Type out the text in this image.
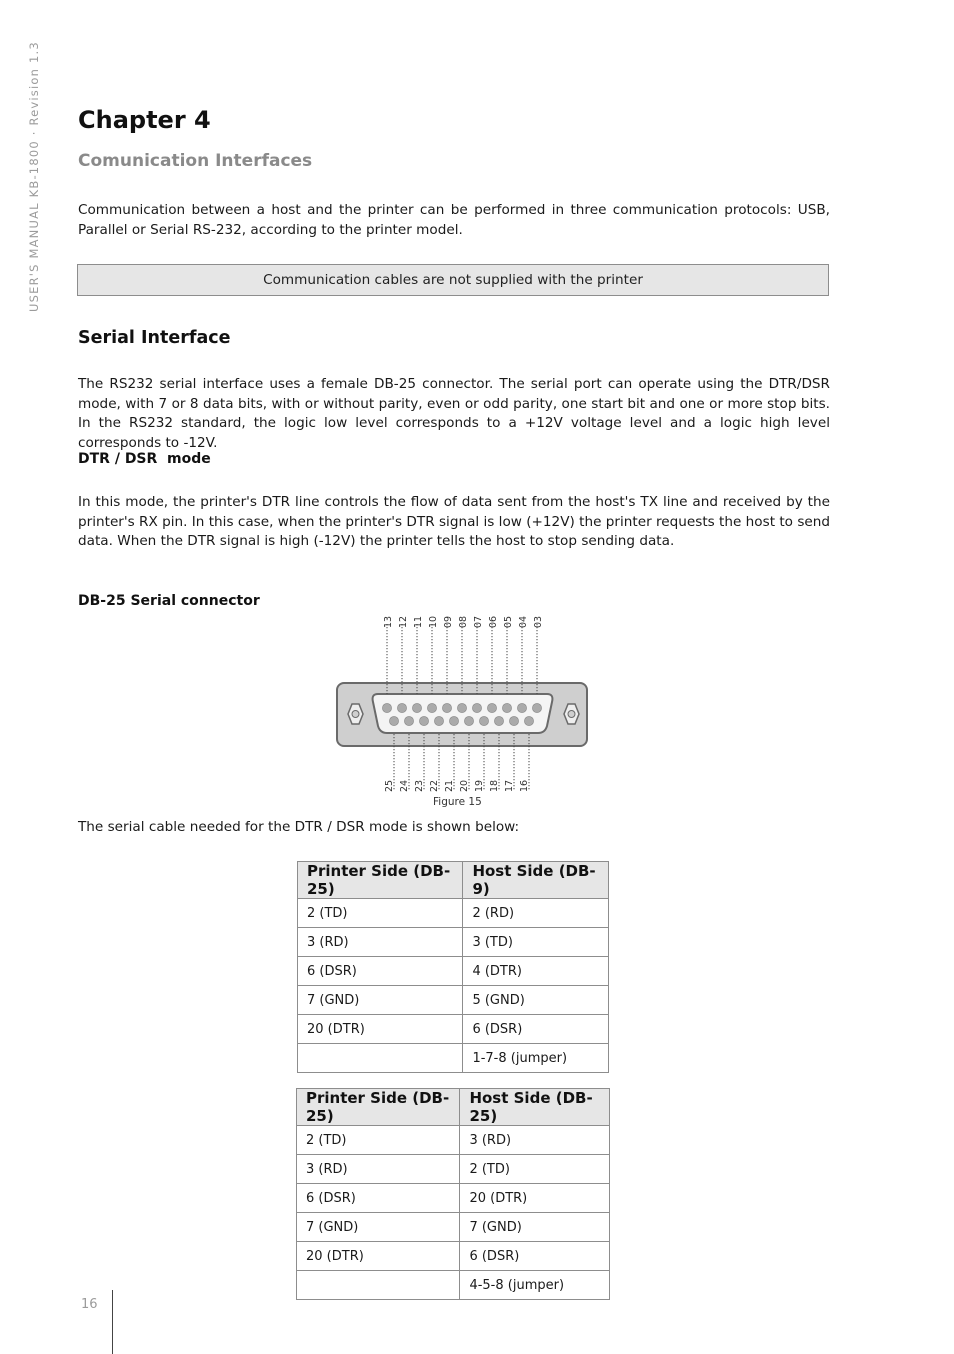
USER'S MANUAL KB-1800 · Revision 1.3 Chapter 4
Comunication Interfaces
Communication between a host and the printer can be performed in three communication protocols: USB, Parallel or Serial RS-232, according to the printer model.
Communication cables are not supplied with the printer
Serial Interface
The RS232 serial interface uses a female DB-25 connector. The serial port can operate using the DTR/DSR mode, with 7 or 8 data bits, with or without parity, even or odd parity, one start bit and one or more stop bits. In the RS232 standard, the logic low level corresponds to a +12V voltage level and a logic high level corresponds to -12V.
DTR / DSR  mode
In this mode, the printer's DTR line controls the flow of data sent from the host's TX line and received by the printer's RX pin. In this case, when the printer's DTR signal is low (+12V) the printer requests the host to send data. When the DTR signal is high (-12V) the printer tells the host to stop sending data.
DB-25 Serial connector
13 12 11 10 09 08 07 06 05 04 03
25 24 23 22 21 20 19 18 17 16
Figure 15
The serial cable needed for the DTR / DSR mode is shown below:
Printer Side (DB-25)	Host Side (DB-9)
2 (TD)	2 (RD)
3 (RD)	3 (TD)
6 (DSR)	4 (DTR)
7 (GND)	5 (GND)
20 (DTR)	6 (DSR)
	1-7-8 (jumper)
Printer Side (DB-25)	Host Side (DB-25)
2 (TD)	3 (RD)
3 (RD)	2 (TD)
6 (DSR)	20 (DTR)
7 (GND)	7 (GND)
20 (DTR)	6 (DSR)
	4-5-8 (jumper)
16
